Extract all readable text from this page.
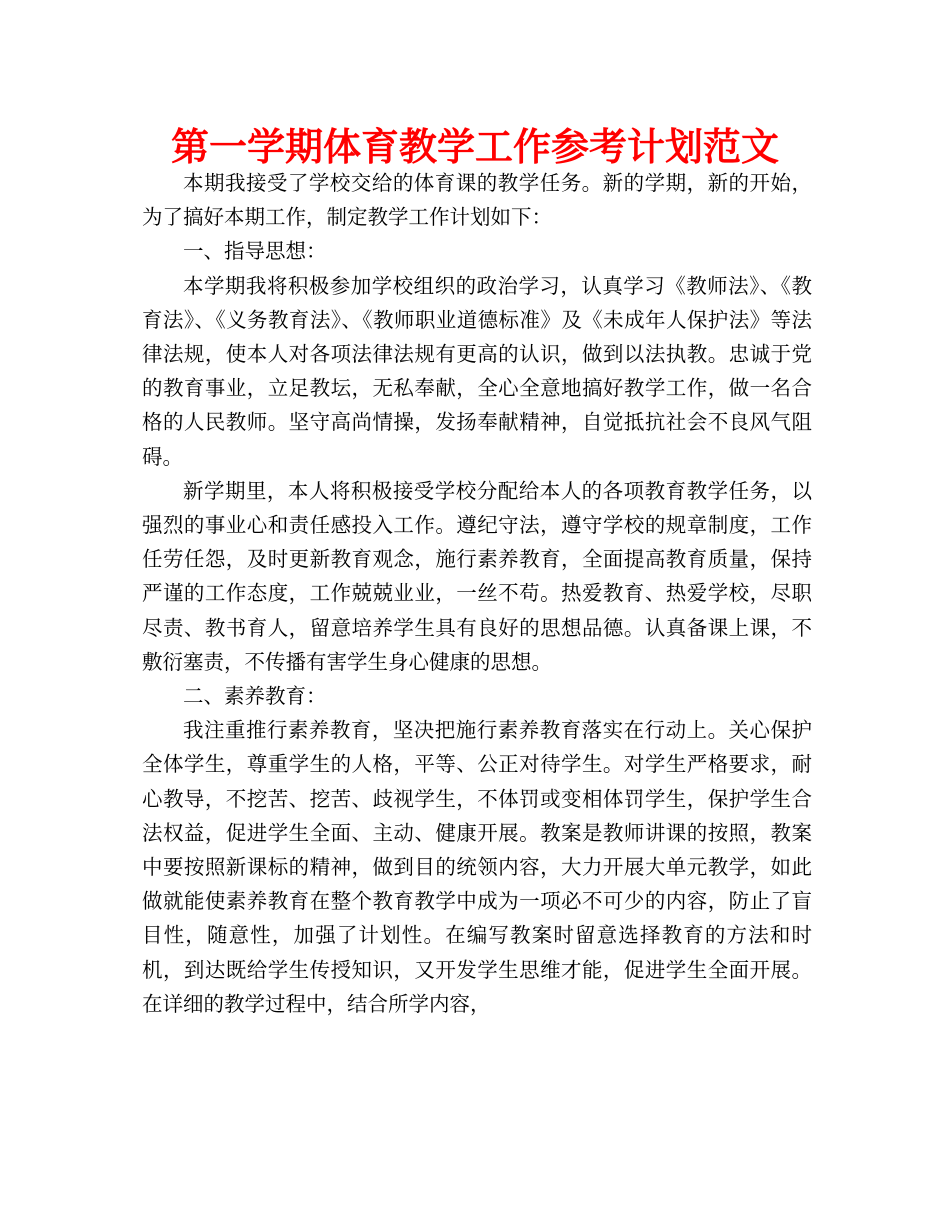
第一学期体育教学工作参考计划范文

本期我接受了学校交给的体育课的教学任务。新的学期，新的开始，为了搞好本期工作，制定教学工作计划如下：

一、指导思想：

本学期我将积极参加学校组织的政治学习，认真学习《教师法》、《教育法》、《义务教育法》、《教师职业道德标准》及《未成年人保护法》等法律法规，使本人对各项法律法规有更高的认识，做到以法执教。忠诚于党的教育事业，立足教坛，无私奉献，全心全意地搞好教学工作，做一名合格的人民教师。坚守高尚情操，发扬奉献精神，自觉抵抗社会不良风气阻碍。

新学期里，本人将积极接受学校分配给本人的各项教育教学任务，以强烈的事业心和责任感投入工作。遵纪守法，遵守学校的规章制度，工作任劳任怨，及时更新教育观念，施行素养教育，全面提高教育质量，保持严谨的工作态度，工作兢兢业业，一丝不苟。热爱教育、热爱学校，尽职尽责、教书育人，留意培养学生具有良好的思想品德。认真备课上课，不敷衍塞责，不传播有害学生身心健康的思想。

二、素养教育：

我注重推行素养教育，坚决把施行素养教育落实在行动上。关心保护全体学生，尊重学生的人格，平等、公正对待学生。对学生严格要求，耐心教导，不挖苦、挖苦、歧视学生，不体罚或变相体罚学生，保护学生合法权益，促进学生全面、主动、健康开展。教案是教师讲课的按照，教案中要按照新课标的精神，做到目的统领内容，大力开展大单元教学，如此做就能使素养教育在整个教育教学中成为一项必不可少的内容，防止了盲目性，随意性，加强了计划性。在编写教案时留意选择教育的方法和时机，到达既给学生传授知识，又开发学生思维才能，促进学生全面开展。在详细的教学过程中，结合所学内容，
